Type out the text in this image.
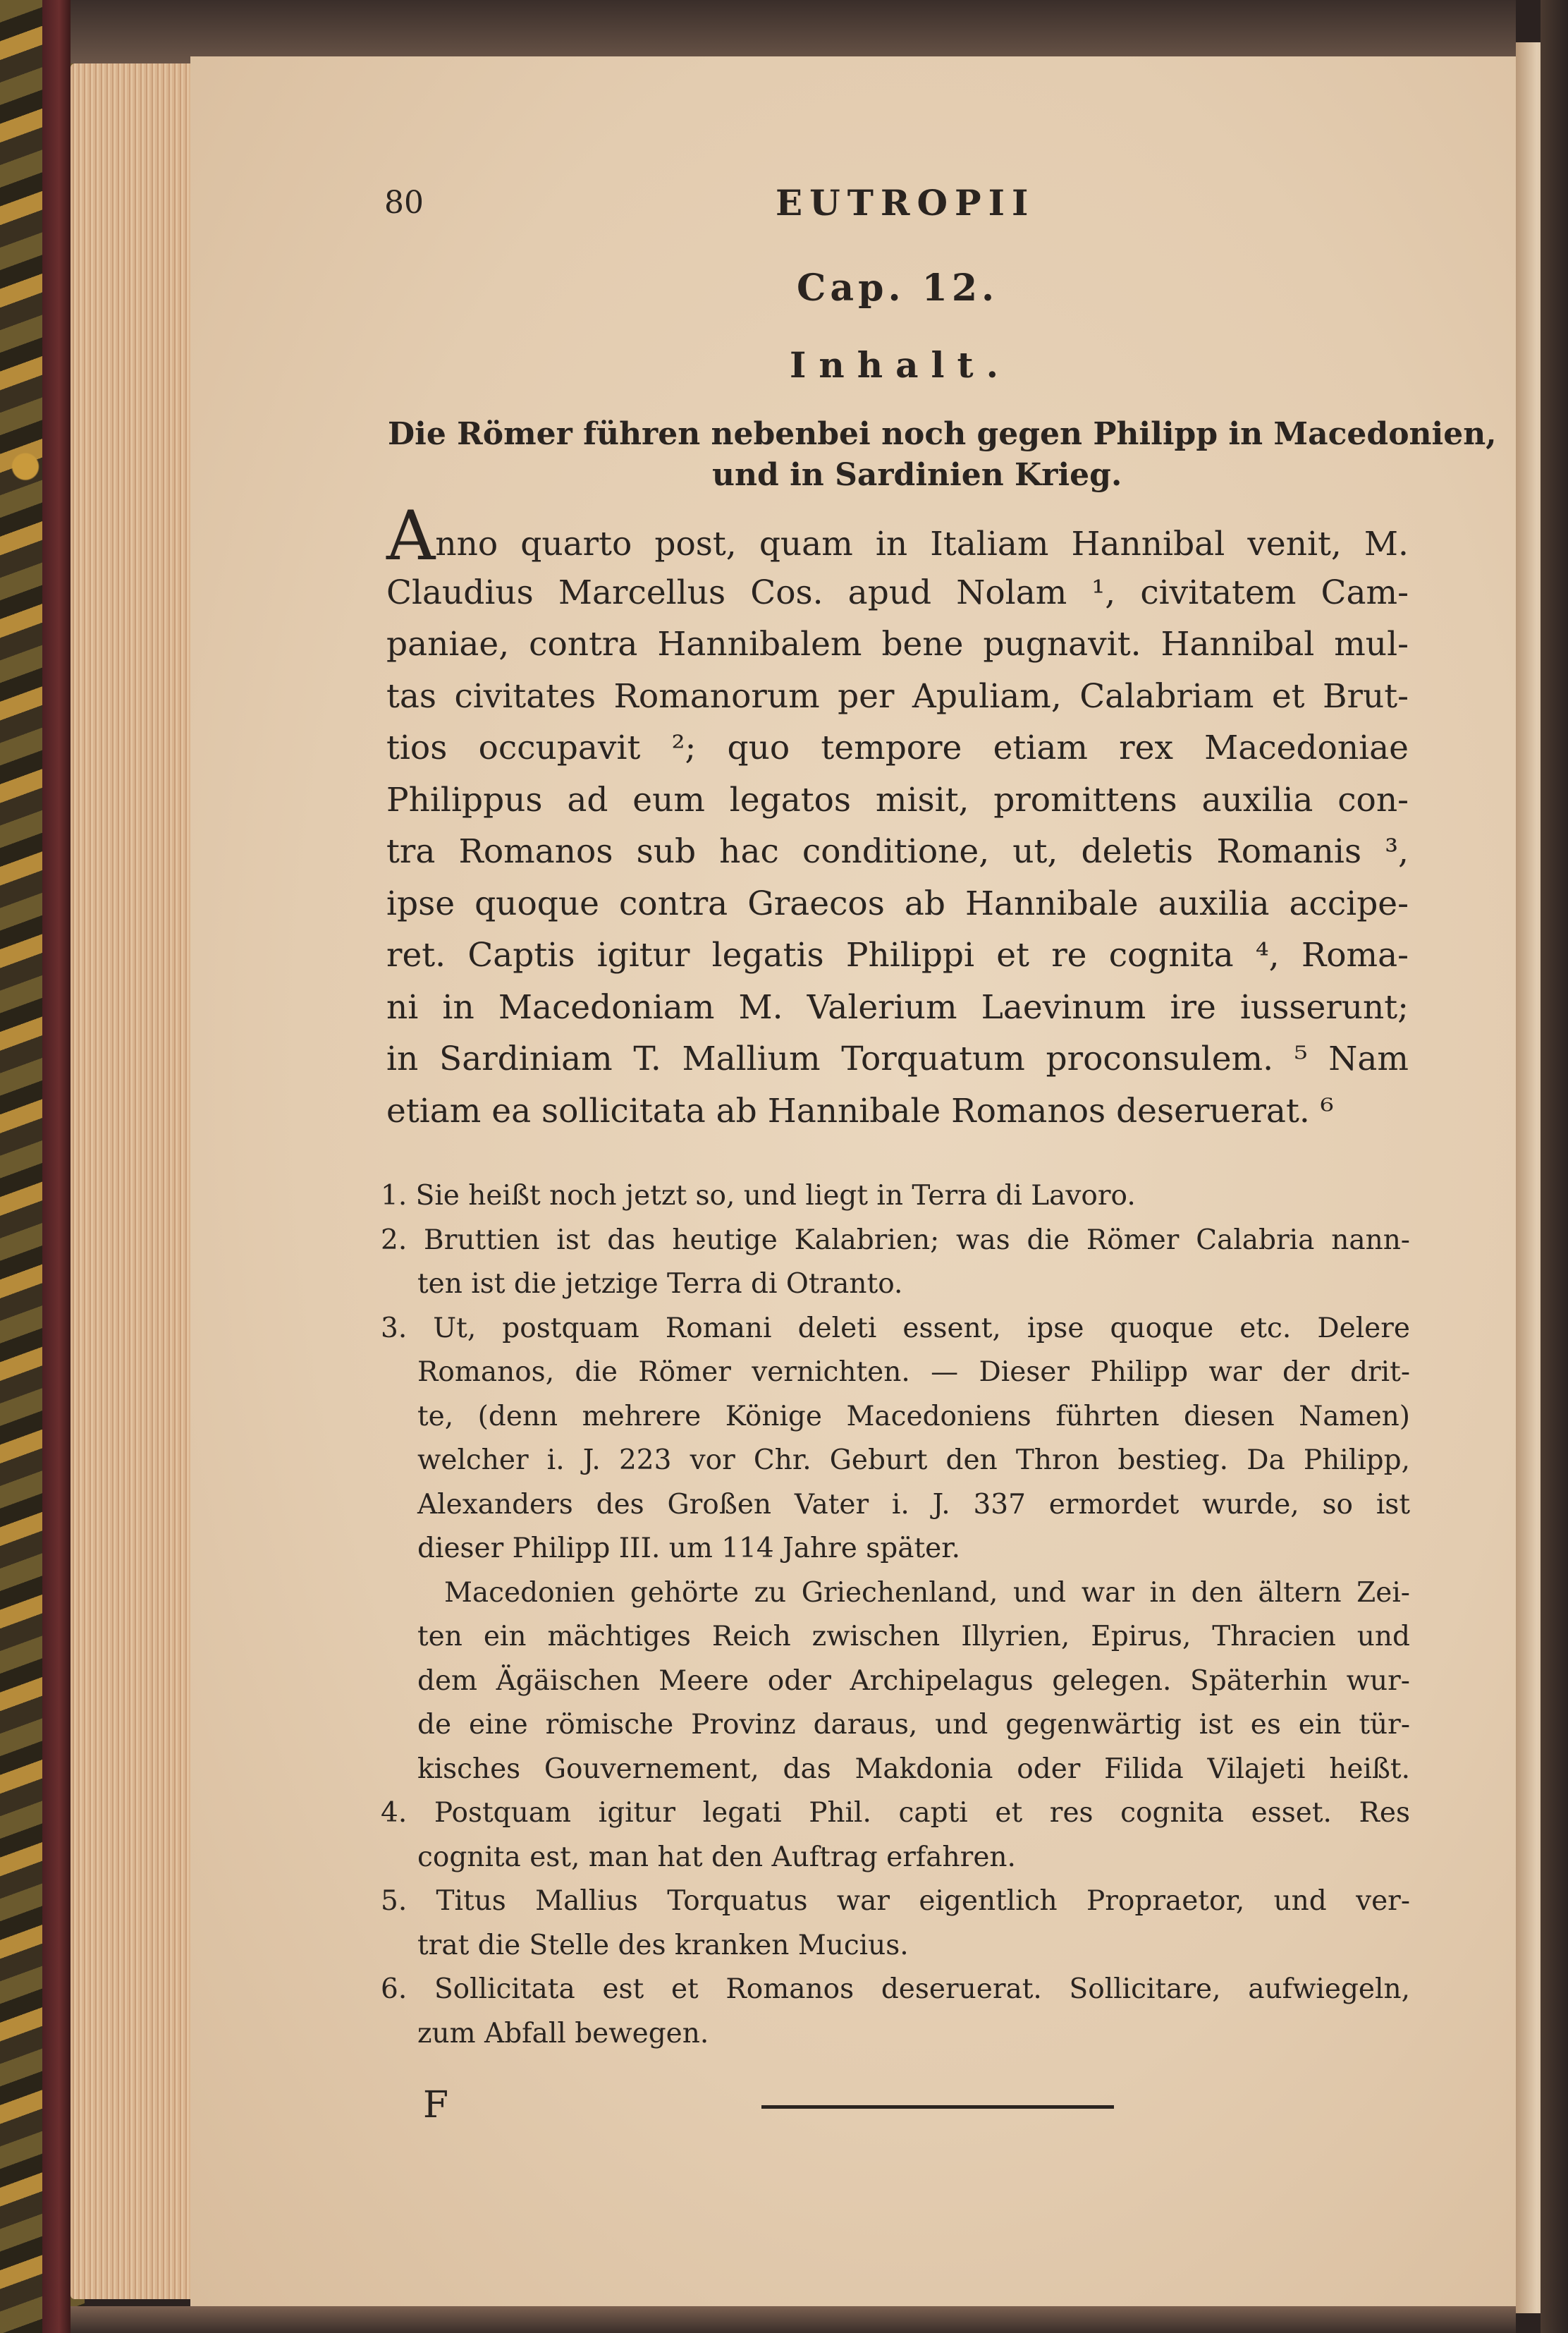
80	EUTROPII
Cap. 12.
Inhalt.
Die Römer führen nebenbei noch gegen Philipp in Macedonien,
und in Sardinien Krieg.
Anno quarto post, quam in Italiam Hannibal venit, M.
Claudius Marcellus Cos. apud Nolam ¹, civitatem Cam-
paniae, contra Hannibalem bene pugnavit. Hannibal mul-
tas civitates Romanorum per Apuliam, Calabriam et Brut-
tios occupavit ²; quo tempore etiam rex Macedoniae
Philippus ad eum legatos misit, promittens auxilia con-
tra Romanos sub hac conditione, ut, deletis Romanis ³,
ipse quoque contra Graecos ab Hannibale auxilia accipe-
ret. Captis igitur legatis Philippi et re cognita ⁴, Roma-
ni in Macedoniam M. Valerium Laevinum ire iusserunt;
in Sardiniam T. Mallium Torquatum proconsulem. ⁵ Nam
etiam ea sollicitata ab Hannibale Romanos deseruerat. ⁶
1. Sie heißt noch jetzt so, und liegt in Terra di Lavoro.
2. Bruttien ist das heutige Kalabrien; was die Römer Calabria nann-
ten ist die jetzige Terra di Otranto.
3. Ut, postquam Romani deleti essent, ipse quoque etc. Delere
Romanos, die Römer vernichten. — Dieser Philipp war der drit-
te, (denn mehrere Könige Macedoniens führten diesen Namen)
welcher i. J. 223 vor Chr. Geburt den Thron bestieg. Da Philipp,
Alexanders des Großen Vater i. J. 337 ermordet wurde, so ist
dieser Philipp III. um 114 Jahre später.
Macedonien gehörte zu Griechenland, und war in den ältern Zei-
ten ein mächtiges Reich zwischen Illyrien, Epirus, Thracien und
dem Ägäischen Meere oder Archipelagus gelegen. Späterhin wur-
de eine römische Provinz daraus, und gegenwärtig ist es ein tür-
kisches Gouvernement, das Makdonia oder Filida Vilajeti heißt.
4. Postquam igitur legati Phil. capti et res cognita esset. Res
cognita est, man hat den Auftrag erfahren.
5. Titus Mallius Torquatus war eigentlich Propraetor, und ver-
trat die Stelle des kranken Mucius.
6. Sollicitata est et Romanos deseruerat. Sollicitare, aufwiegeln,
zum Abfall bewegen.
F
